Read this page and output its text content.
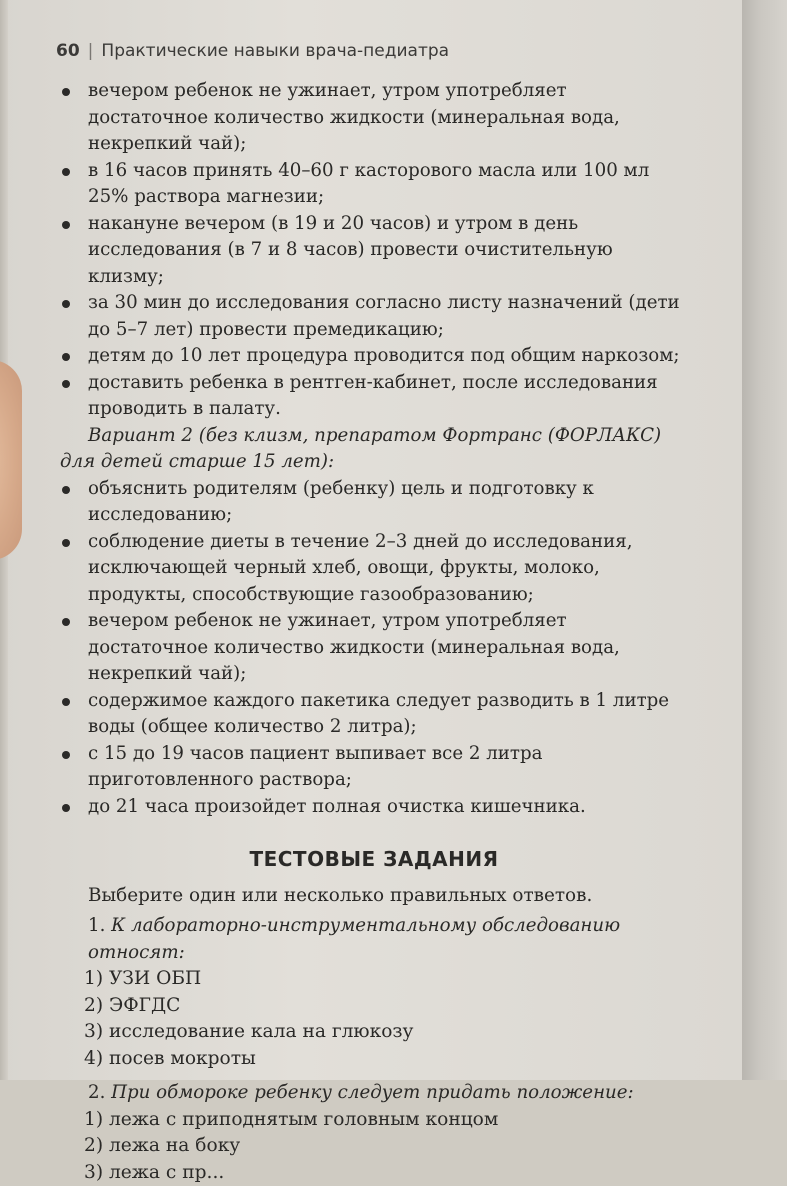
60 | Практические навыки врача-педиатра
вечером ребенок не ужинает, утром употребляет достаточное количество жидкости (минеральная вода, некрепкий чай);
в 16 часов принять 40–60 г касторового масла или 100 мл 25% раствора магнезии;
накануне вечером (в 19 и 20 часов) и утром в день исследования (в 7 и 8 часов) провести очистительную клизму;
за 30 мин до исследования согласно листу назначений (дети до 5–7 лет) провести премедикацию;
детям до 10 лет процедура проводится под общим наркозом;
доставить ребенка в рентген-кабинет, после исследования проводить в палату.
Вариант 2 (без клизм, препаратом Фортранс (ФОРЛАКС) для детей старше 15 лет):
объяснить родителям (ребенку) цель и подготовку к исследованию;
соблюдение диеты в течение 2–3 дней до исследования, исключающей черный хлеб, овощи, фрукты, молоко, продукты, способствующие газообразованию;
вечером ребенок не ужинает, утром употребляет достаточное количество жидкости (минеральная вода, некрепкий чай);
содержимое каждого пакетика следует разводить в 1 литре воды (общее количество 2 литра);
с 15 до 19 часов пациент выпивает все 2 литра приготовленного раствора;
до 21 часа произойдет полная очистка кишечника.
ТЕСТОВЫЕ ЗАДАНИЯ
Выберите один или несколько правильных ответов.
1. К лабораторно-инструментальному обследованию относят:
1) УЗИ ОБП
2) ЭФГДС
3) исследование кала на глюкозу
4) посев мокроты
2. При обмороке ребенку следует придать положение:
1) лежа с приподнятым головным концом
2) лежа на боку
3) лежа с пр...
